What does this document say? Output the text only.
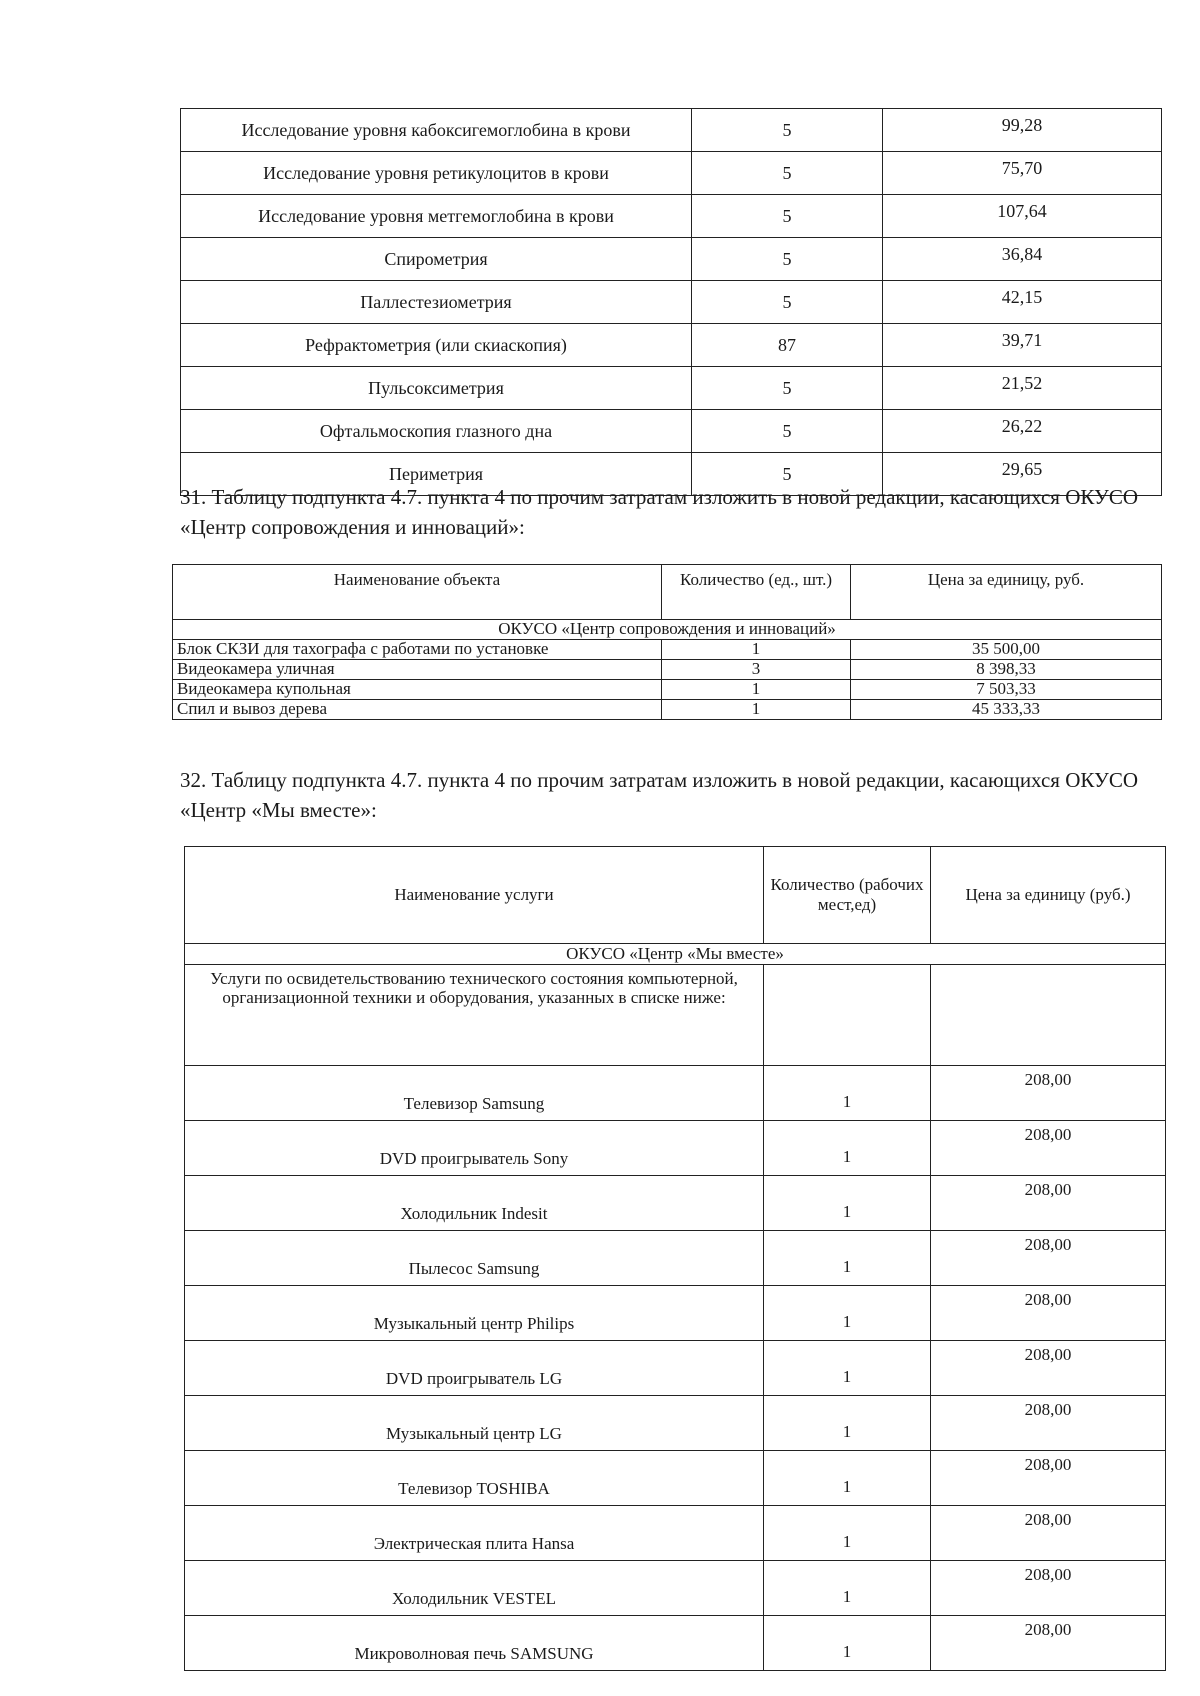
Исследование уровня кабоксигемоглобина в крови	5	99,28
Исследование уровня ретикулоцитов в крови	5	75,70
Исследование уровня метгемоглобина в крови	5	107,64
Спирометрия	5	36,84
Паллестезиометрия	5	42,15
Рефрактометрия (или скиаскопия)	87	39,71
Пульсоксиметрия	5	21,52
Офтальмоскопия глазного дна	5	26,22
Периметрия	5	29,65
31. Таблицу подпункта 4.7. пункта 4 по прочим затратам изложить в новой редакции, касающихся ОКУСО «Центр сопровождения и инноваций»:
Наименование объекта	Количество (ед., шт.)	Цена за единицу, руб.
ОКУСО «Центр сопровождения и инноваций»		
Блок СКЗИ для тахографа с работами по установке	1	35 500,00
Видеокамера уличная	3	8 398,33
Видеокамера купольная	1	7 503,33
Спил и вывоз дерева	1	45 333,33
32. Таблицу подпункта 4.7. пункта 4 по прочим затратам изложить в новой редакции, касающихся ОКУСО «Центр «Мы вместе»:
Наименование услуги	Количество (рабочих мест,ед)	Цена за единицу (руб.)
ОКУСО «Центр «Мы вместе»		
Услуги по освидетельствованию технического состояния компьютерной, организационной техники и оборудования, указанных в списке ниже:		
Телевизор Samsung	1	208,00
DVD проигрыватель Sony	1	208,00
Холодильник Indesit	1	208,00
Пылесос Samsung	1	208,00
Музыкальный центр Philips	1	208,00
DVD проигрыватель LG	1	208,00
Музыкальный центр LG	1	208,00
Телевизор TOSHIBA	1	208,00
Электрическая плита Hansa	1	208,00
Холодильник VESTEL	1	208,00
Микроволновая печь SAMSUNG	1	208,00
